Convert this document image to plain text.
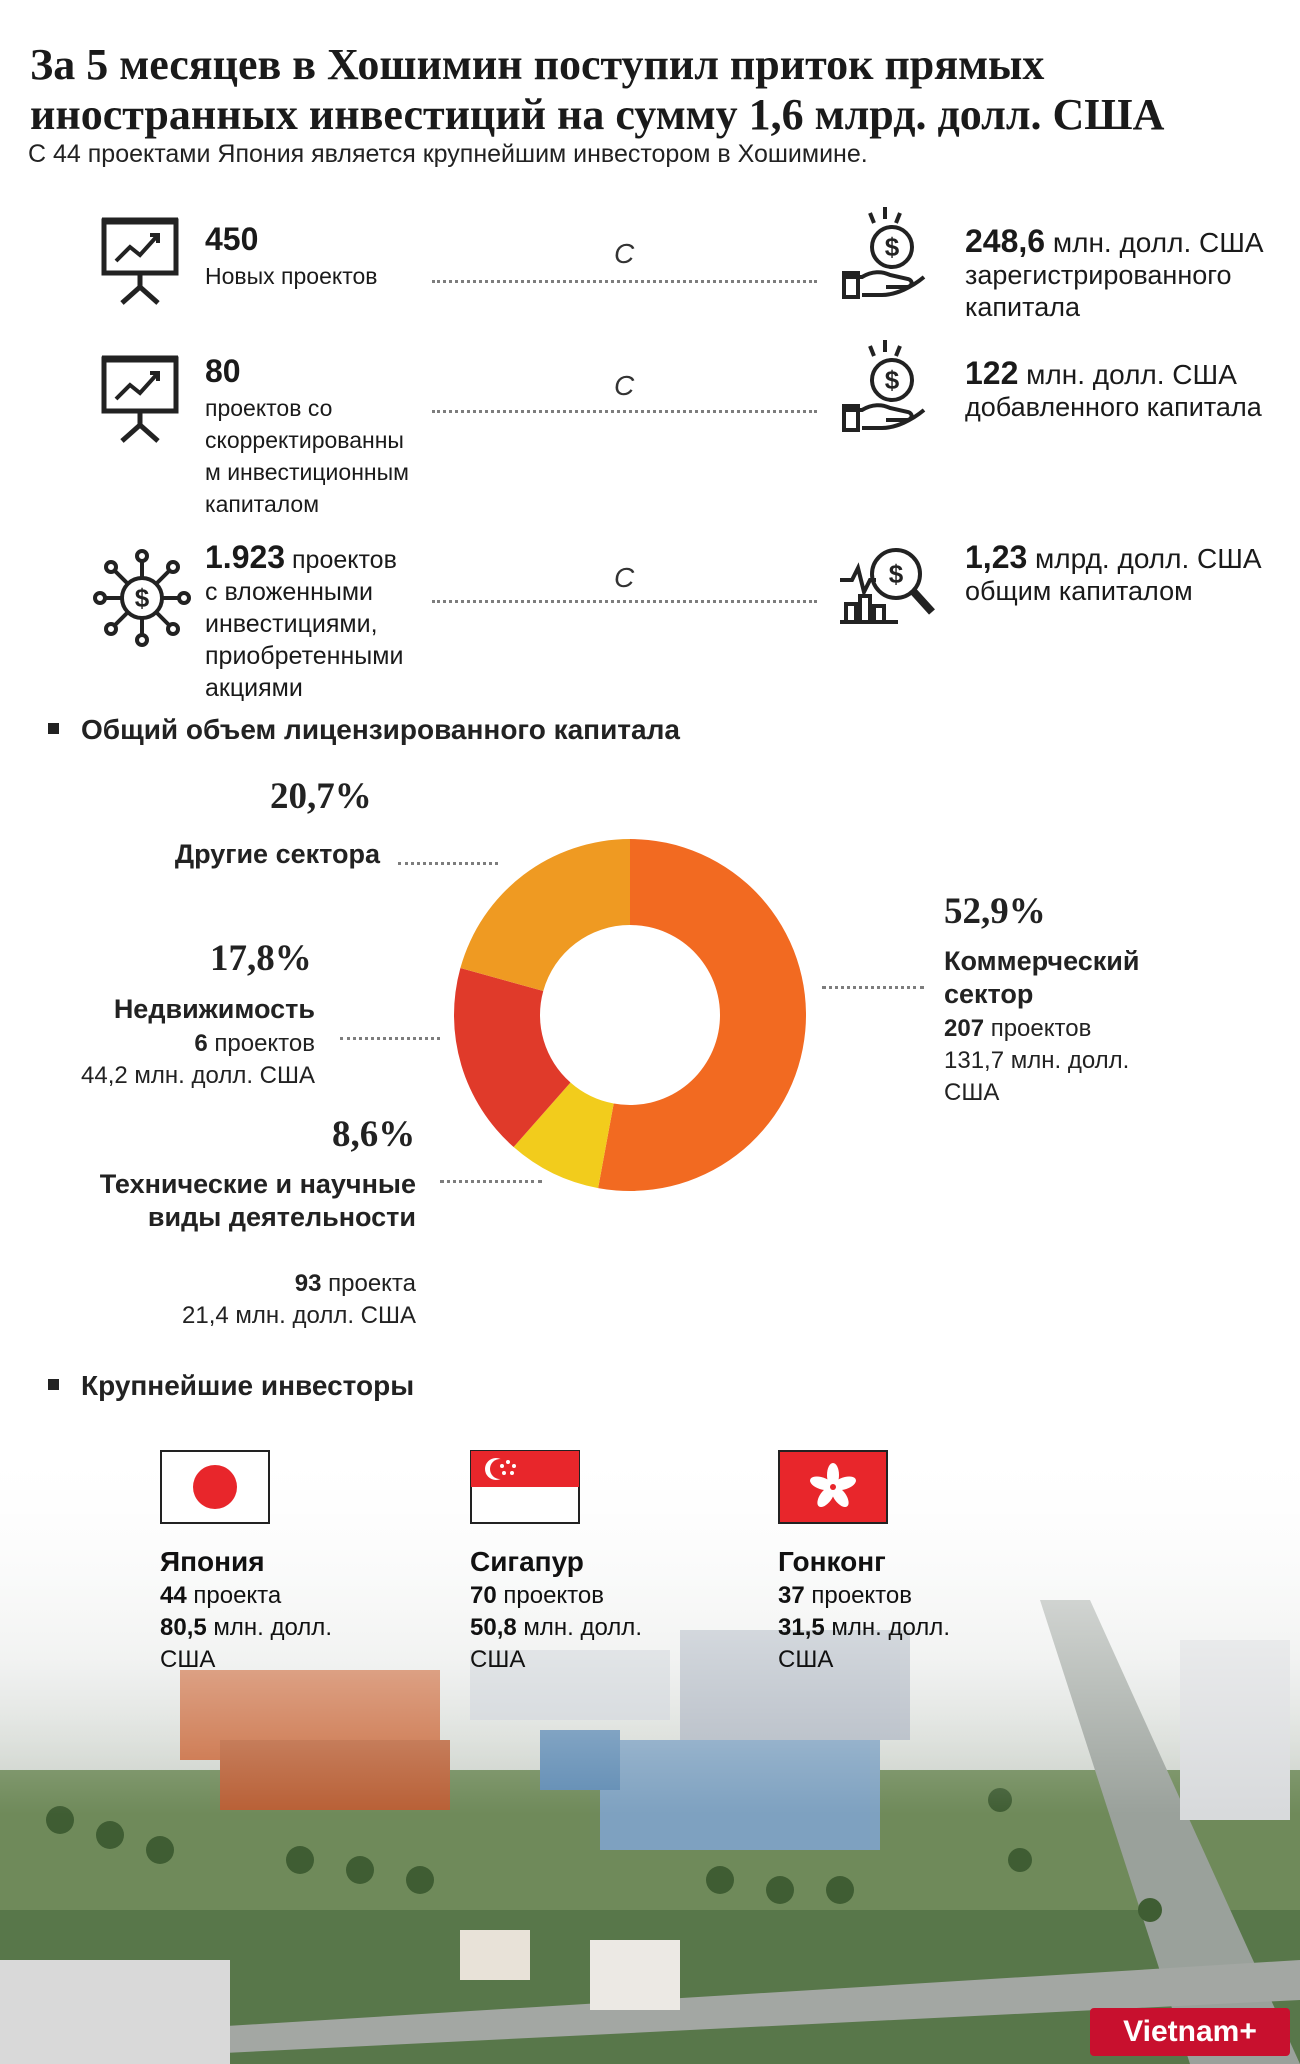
За 5 месяцев в Хошимин поступил приток прямых иностранных инвестиций на сумму 1,6 млрд. долл. США
С 44 проектами Япония является крупнейшим инвестором в Хошимине.
450
Новых проектов
C	$ 248,6 млн. долл. США
зарегистрированного капитала
80
проектов со скорректированны м инвестиционным капиталом
C	$ 122 млн. долл. США
добавленного капитала
$
1.923 проектов
с вложенными инвестициями, приобретенными акциями
C	$ 1,23 млрд. долл. США
общим капиталом
Общий объем лицензированного капитала
20,7%
Другие сектора
17,8%
Недвижимость
6 проектов
44,2 млн. долл. США
8,6%
Технические и научные виды деятельности
93 проекта
21,4 млн. долл. США
52,9%
Коммерческий сектор
207 проектов
131,7 млн. долл. США
Крупнейшие инвесторы
Япония
44 проекта
80,5 млн. долл. США
Сигапур
70 проектов
50,8 млн. долл. США
Гонконг
37 проектов
31,5 млн. долл. США
Vietnam+
